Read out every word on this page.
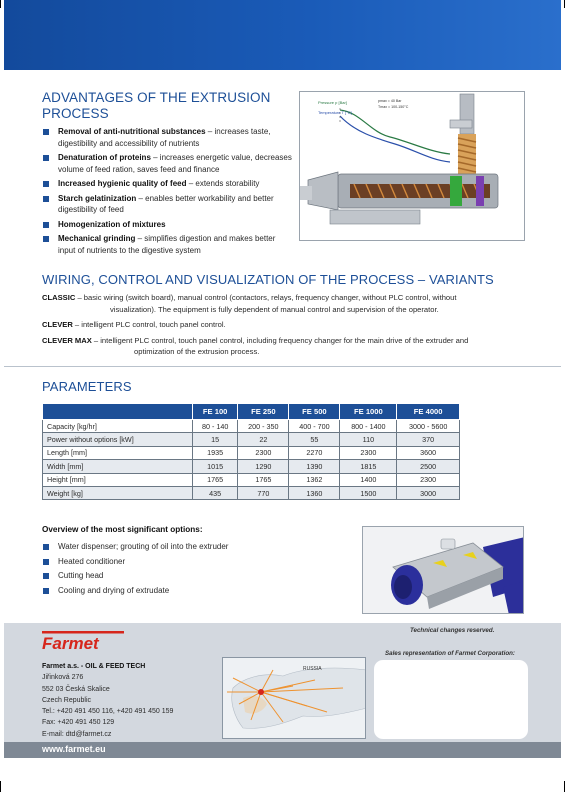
ADVANTAGES OF THE EXTRUSION PROCESS
Removal of anti-nutritional substances – increases taste, digestibility and accessibility of nutrients
Denaturation of proteins – increases energetic value, decreases volume of feed ration, saves feed and finance
Increased hygienic quality of feed – extends storability
Starch gelatinization – enables better workability and better digestibility of feed
Homogenization of mixtures
Mechanical grinding – simplifies digestion and makes better input of nutrients to the digestive system
Pressure p [Bar]
Temperature T [°C]
pmax = 40 Bar
Tmax = 100-150°C
WIRING, CONTROL AND VISUALIZATION OF THE PROCESS – VARIANTS

CLASSIC – basic wiring (switch board), manual control (contactors, relays, frequency changer, without PLC control, without
visualization). The equipment is fully dependent of manual control and supervision of the operator.

CLEVER – intelligent PLC control, touch panel control.

CLEVER MAX – intelligent PLC control, touch panel control, including frequency changer for the main drive of the extruder and
optimization of the extrusion process.

PARAMETERS
	FE 100	FE 250	FE 500	FE 1000	FE 4000
Capacity [kg/hr]	80 - 140	200 - 350	400 - 700	800 - 1400	3000 - 5600
Power without options [kW]	15	22	55	110	370
Length [mm]	1935	2300	2270	2300	3600
Width [mm]	1015	1290	1390	1815	2500
Height [mm]	1765	1765	1362	1400	2300
Weight [kg]	435	770	1360	1500	3000
Overview of the most significant options:
Water dispenser; grouting of oil into the extruder
Heated conditioner
Cutting head
Cooling and drying of extrudate
Farmet
Farmet a.s. - OIL & FEED TECH
Jiřinková 276
552 03 Česká Skalice
Czech Republic
Tel.: +420 491 450 116, +420 491 450 159
Fax: +420 491 450 129
E-mail: dtd@farmet.cz
RUSSIA
Technical changes reserved.
Sales representation of Farmet Corporation:
www.farmet.eu
